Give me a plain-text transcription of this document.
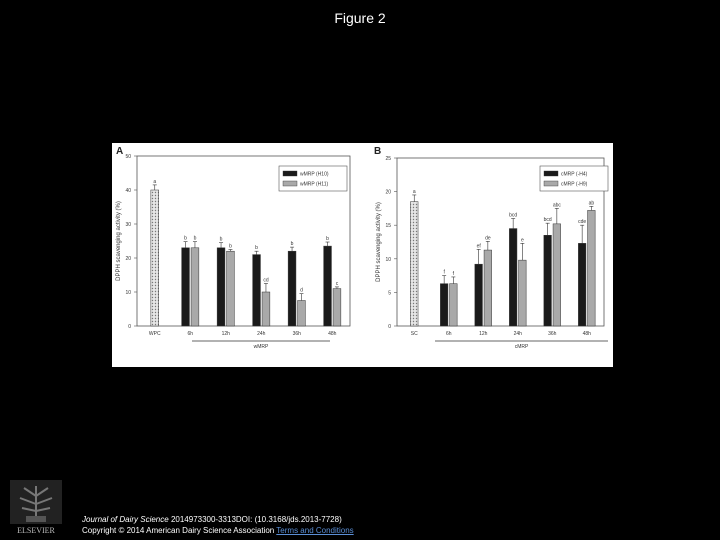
Figure 2
A
0
10
20
30
40
50
DPPH scavenging activity (%)
a
WPC
b b
6h
b
b
12h
b
cd
24h
b
d
36h
b
c
48h
wMRP
wMRP (H10)
wMRP (H11)
B
0
5
10
15
20
25
DPPH scavenging activity (%)
a
SC
f f
6h
ef
de
12h
bcd
e
24h
bcd
abc
36h
cde
ab
48h
cMRP
cMRP (-H4)
cMRP (-H9)
ELSEVIER
Journal of Dairy Science 2014973300-3313DOI: (10.3168/jds.2013-7728)
Copyright © 2014 American Dairy Science Association Terms and Conditions
